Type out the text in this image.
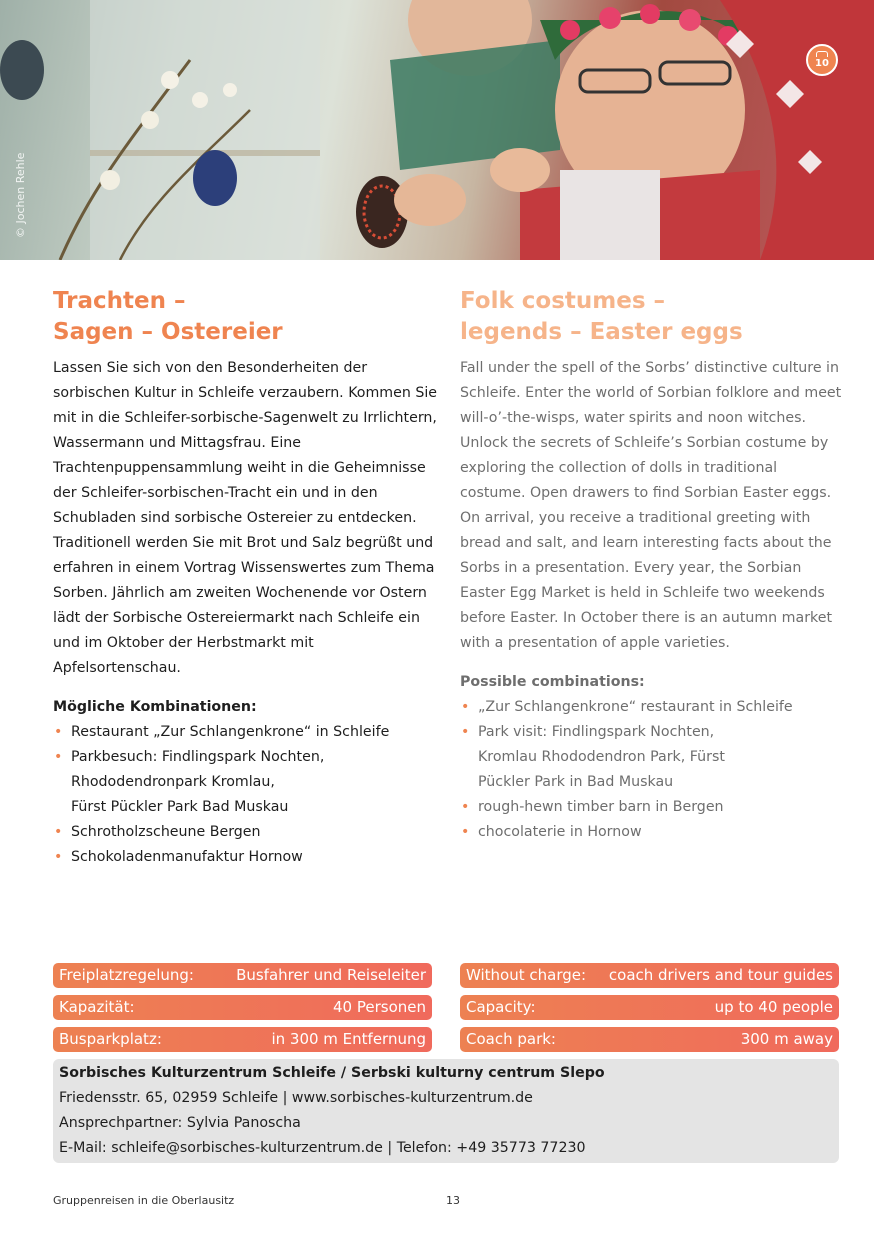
© Jochen Rehle
10
Trachten –
Sagen – Ostereier

Lassen Sie sich von den Besonderheiten der sorbischen Kultur in Schleife verzaubern. Kommen Sie mit in die Schleifer-sorbische-Sagenwelt zu Irrlichtern, Wassermann und Mittagsfrau. Eine Trachtenpuppensammlung weiht in die Geheimnisse der Schleifer-sorbischen-Tracht ein und in den Schubladen sind sorbische Ostereier zu entdecken. Traditionell werden Sie mit Brot und Salz begrüßt und erfahren in einem Vortrag Wissenswertes zum Thema Sorben. Jährlich am zweiten Wochenende vor Ostern lädt der Sorbische Ostereiermarkt nach Schleife ein und im Oktober der Herbstmarkt mit Apfelsortenschau.

Mögliche Kombinationen:
• Restaurant „Zur Schlangenkrone“ in Schleife
• Parkbesuch: Findlingspark Nochten,
Rhododendronpark Kromlau,
Fürst Pückler Park Bad Muskau
• Schrotholzscheune Bergen
• Schokoladenmanufaktur Hornow
Folk costumes –
legends – Easter eggs

Fall under the spell of the Sorbs’ distinctive culture in Schleife. Enter the world of Sorbian folklore and meet will-o’-the-wisps, water spirits and noon witches. Unlock the secrets of Schleife’s Sorbian costume by exploring the collection of dolls in traditional costume. Open drawers to find Sorbian Easter eggs. On arrival, you receive a traditional greeting with bread and salt, and learn interesting facts about the Sorbs in a presentation. Every year, the Sorbian Easter Egg Market is held in Schleife two weekends before Easter. In October there is an autumn market with a presentation of apple varieties.

Possible combinations:
• „Zur Schlangenkrone“ restaurant in Schleife
• Park visit: Findlingspark Nochten,
Kromlau Rhododendron Park, Fürst
Pückler Park in Bad Muskau
• rough-hewn timber barn in Bergen
• chocolaterie in Hornow
Freiplatzregelung:	Busfahrer und Reiseleiter
Kapazität:	40 Personen
Busparkplatz:	in 300 m Entfernung
Without charge: coach drivers and tour guides
Capacity:	up to 40 people
Coach park:	300 m away
Sorbisches Kulturzentrum Schleife / Serbski kulturny centrum Slepo
Friedensstr. 65, 02959 Schleife | www.sorbisches-kulturzentrum.de
Ansprechpartner: Sylvia Panoscha
E-Mail: schleife@sorbisches-kulturzentrum.de | Telefon: +49 35773 77230
Gruppenreisen in die Oberlausitz	13
